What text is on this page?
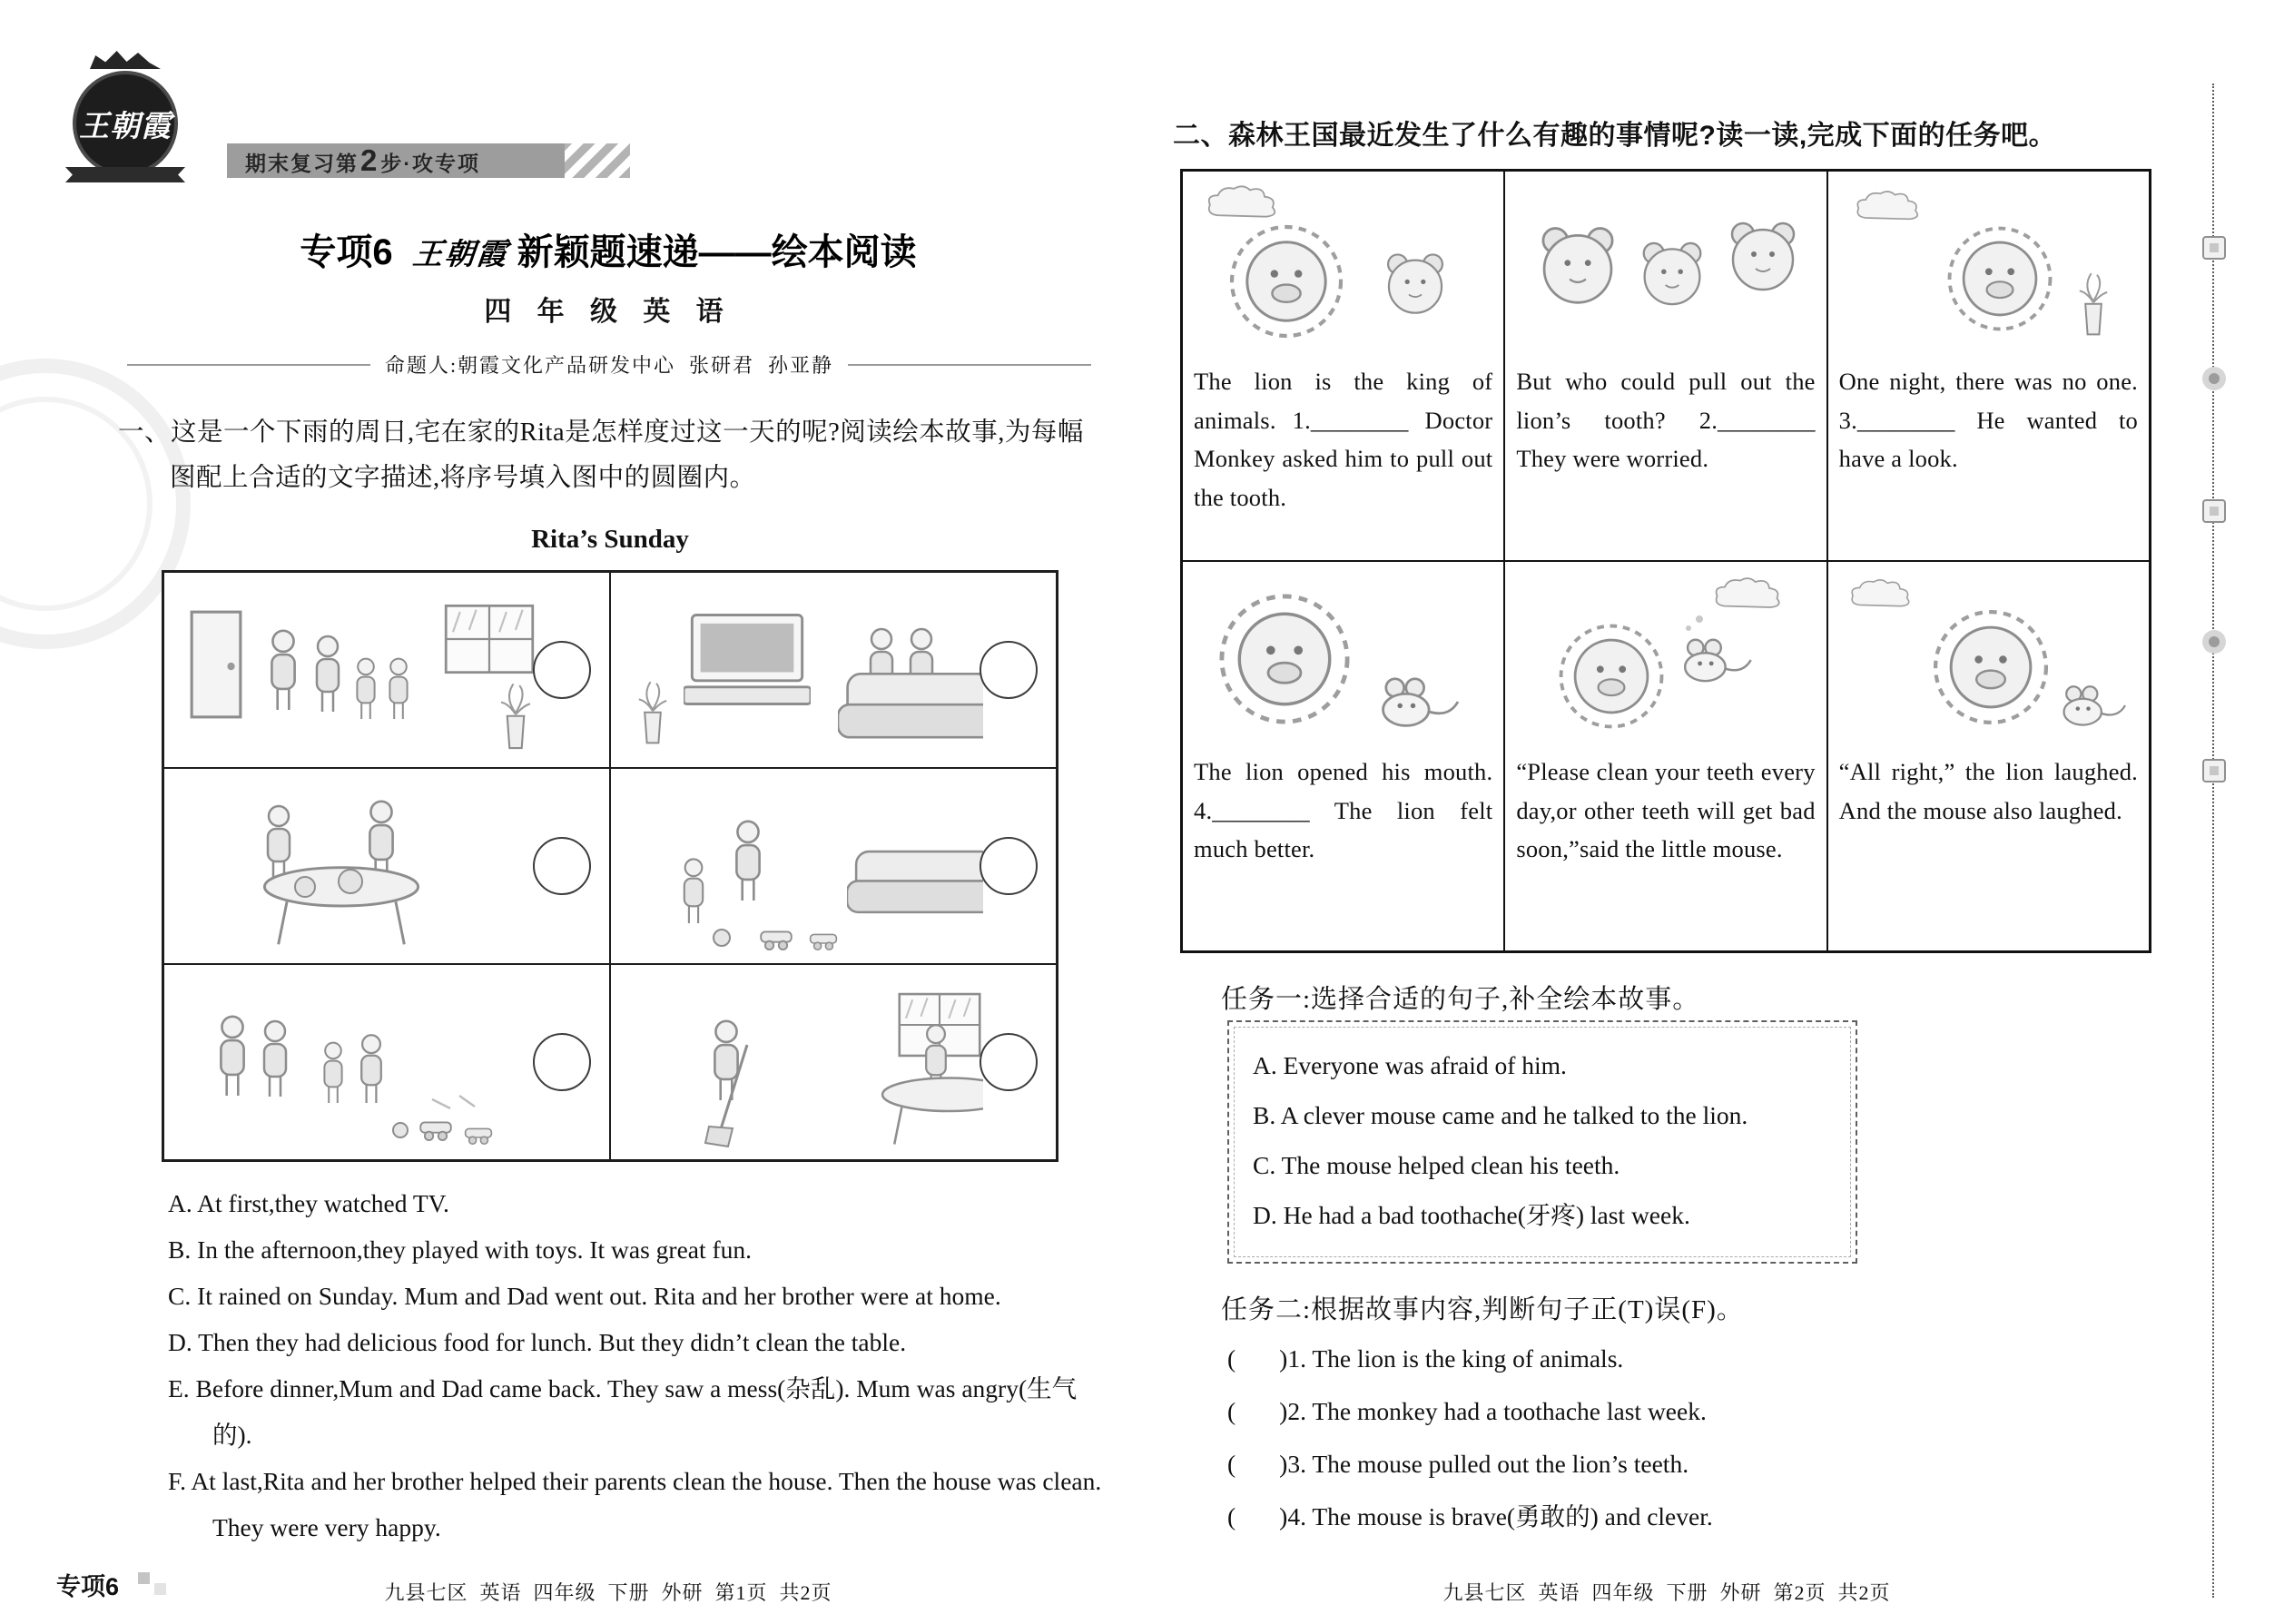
王朝霞
期末复习第2步·攻专项
专项6 王朝霞 新颖题速递——绘本阅读
四 年 级 英 语
命题人:朝霞文化产品研发中心  张研君  孙亚静

一、这是一个下雨的周日,宅在家的Rita是怎样度过这一天的呢?阅读绘本故事,为每幅图配上合适的文字描述,将序号填入图中的圆圈内。

Rita’s Sunday

A. At first,they watched TV.

B. In the afternoon,they played with toys. It was great fun.

C. It rained on Sunday. Mum and Dad went out. Rita and her brother were at home.

D. Then they had delicious food for lunch. But they didn’t clean the table.

E. Before dinner,Mum and Dad came back. They saw a mess(杂乱). Mum was angry(生气的).

F. At last,Rita and her brother helped their parents clean the house. Then the house was clean. They were very happy.

专项6	九县七区  英语  四年级  下册  外研  第1页  共2页
二、森林王国最近发生了什么有趣的事情呢?读一读,完成下面的任务吧。

The lion is the king of animals. 1.________ Doctor Monkey asked him to pull out the tooth.

But who could pull out the lion’s tooth? 2.________ They were worried.

One night, there was no one. 3.________ He wanted to have a look.

The lion opened his mouth. 4.________ The lion felt much better.

“Please clean your teeth every day,or other teeth will get bad soon,”said the little mouse.

“All right,” the lion laughed. And the mouse also laughed.

任务一:选择合适的句子,补全绘本故事。

A. Everyone was afraid of him.

B. A clever mouse came and he talked to the lion.

C. The mouse helped clean his teeth.

D. He had a bad toothache(牙疼) last week.

任务二:根据故事内容,判断句子正(T)误(F)。

( )1. The lion is the king of animals.

( )2. The monkey had a toothache last week.

( )3. The mouse pulled out the lion’s teeth.

( )4. The mouse is brave(勇敢的) and clever.

九县七区  英语  四年级  下册  外研  第2页  共2页
